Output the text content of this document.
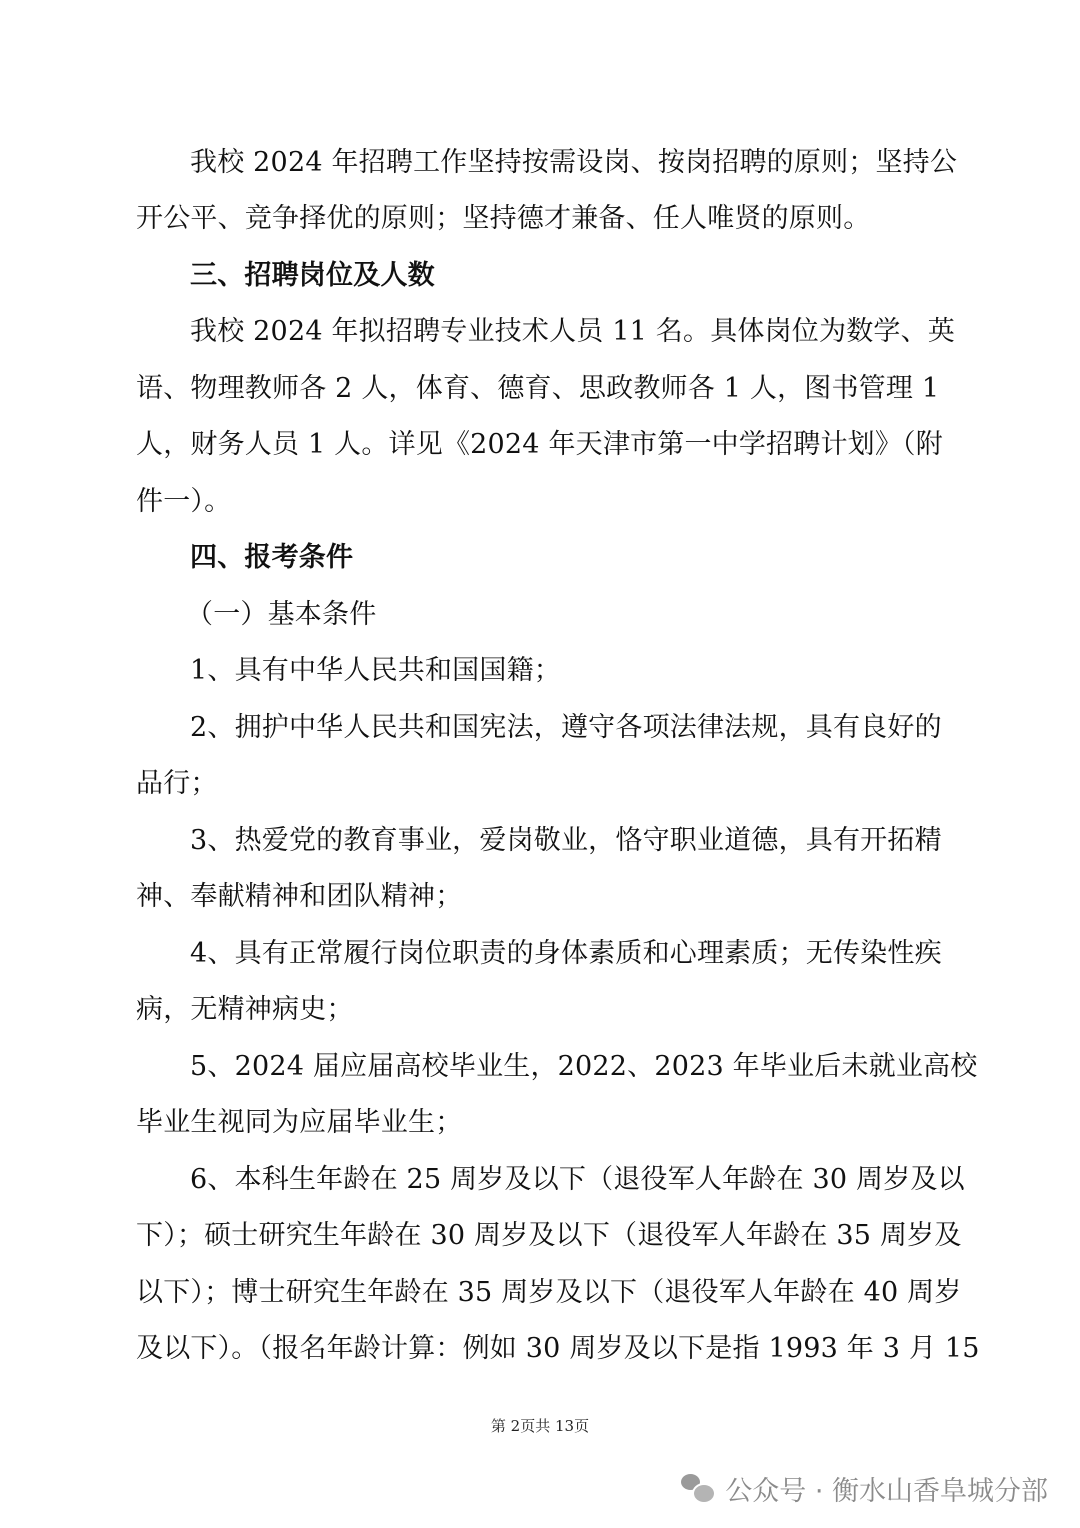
我校 2024 年招聘工作坚持按需设岗、按岗招聘的原则；坚持公
开公平、竞争择优的原则；坚持德才兼备、任人唯贤的原则。
三、招聘岗位及人数
我校 2024 年拟招聘专业技术人员 11 名。具体岗位为数学、英
语、物理教师各 2 人，体育、德育、思政教师各 1 人，图书管理 1
人，财务人员 1 人。详见《2024 年天津市第一中学招聘计划》（附
件一）。
四、报考条件
（一）基本条件
1、具有中华人民共和国国籍；
2、拥护中华人民共和国宪法，遵守各项法律法规，具有良好的
品行；
3、热爱党的教育事业，爱岗敬业，恪守职业道德，具有开拓精
神、奉献精神和团队精神；
4、具有正常履行岗位职责的身体素质和心理素质；无传染性疾
病，无精神病史；
5、2024 届应届高校毕业生，2022、2023 年毕业后未就业高校
毕业生视同为应届毕业生；
6、本科生年龄在 25 周岁及以下（退役军人年龄在 30 周岁及以
下）；硕士研究生年龄在 30 周岁及以下（退役军人年龄在 35 周岁及
以下）；博士研究生年龄在 35 周岁及以下（退役军人年龄在 40 周岁
及以下）。（报名年龄计算：例如 30 周岁及以下是指 1993 年 3 月 15
第 2页共 13页
公众号 · 衡水山香阜城分部
